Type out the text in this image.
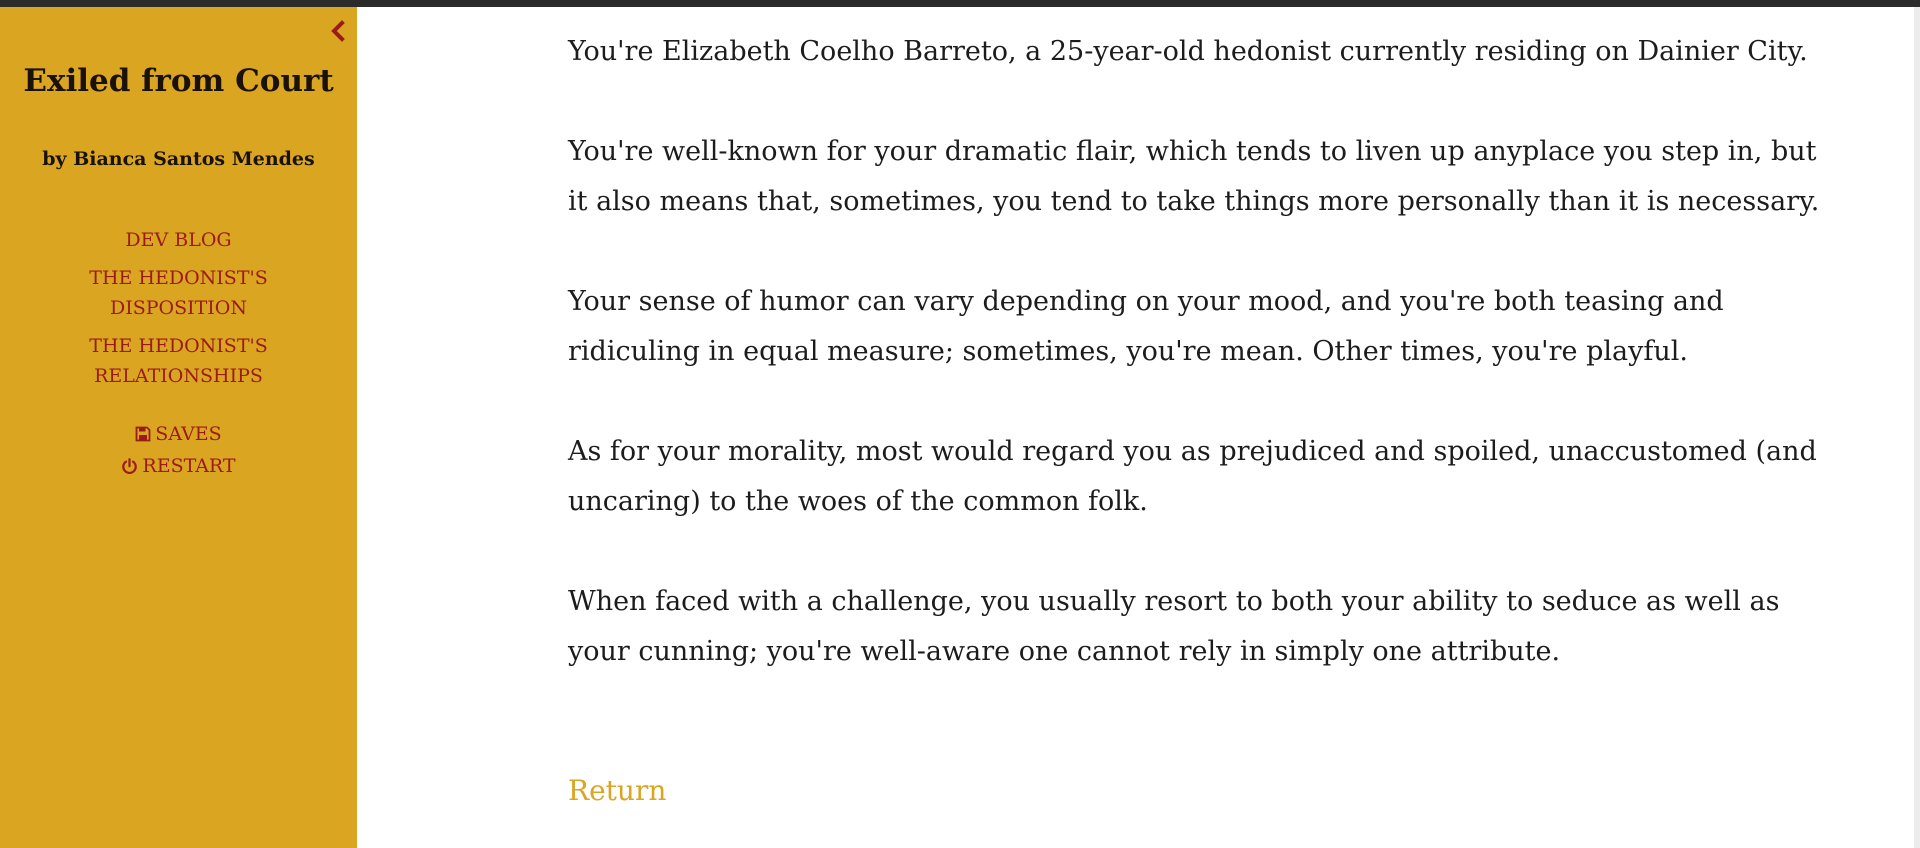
Exiled from Court
by Bianca Santos Mendes
DEV BLOG
THE HEDONIST'S DISPOSITION
THE HEDONIST'S RELATIONSHIPS
SAVES
RESTART

You're Elizabeth Coelho Barreto, a 25-year-old hedonist currently residing on Dainier City.

You're well-known for your dramatic flair, which tends to liven up anyplace you step in, but it also means that, sometimes, you tend to take things more personally than it is necessary.

Your sense of humor can vary depending on your mood, and you're both teasing and ridiculing in equal measure; sometimes, you're mean. Other times, you're playful.

As for your morality, most would regard you as prejudiced and spoiled, unaccustomed (and uncaring) to the woes of the common folk.

When faced with a challenge, you usually resort to both your ability to seduce as well as your cunning; you're well-aware one cannot rely in simply one attribute.

Return
